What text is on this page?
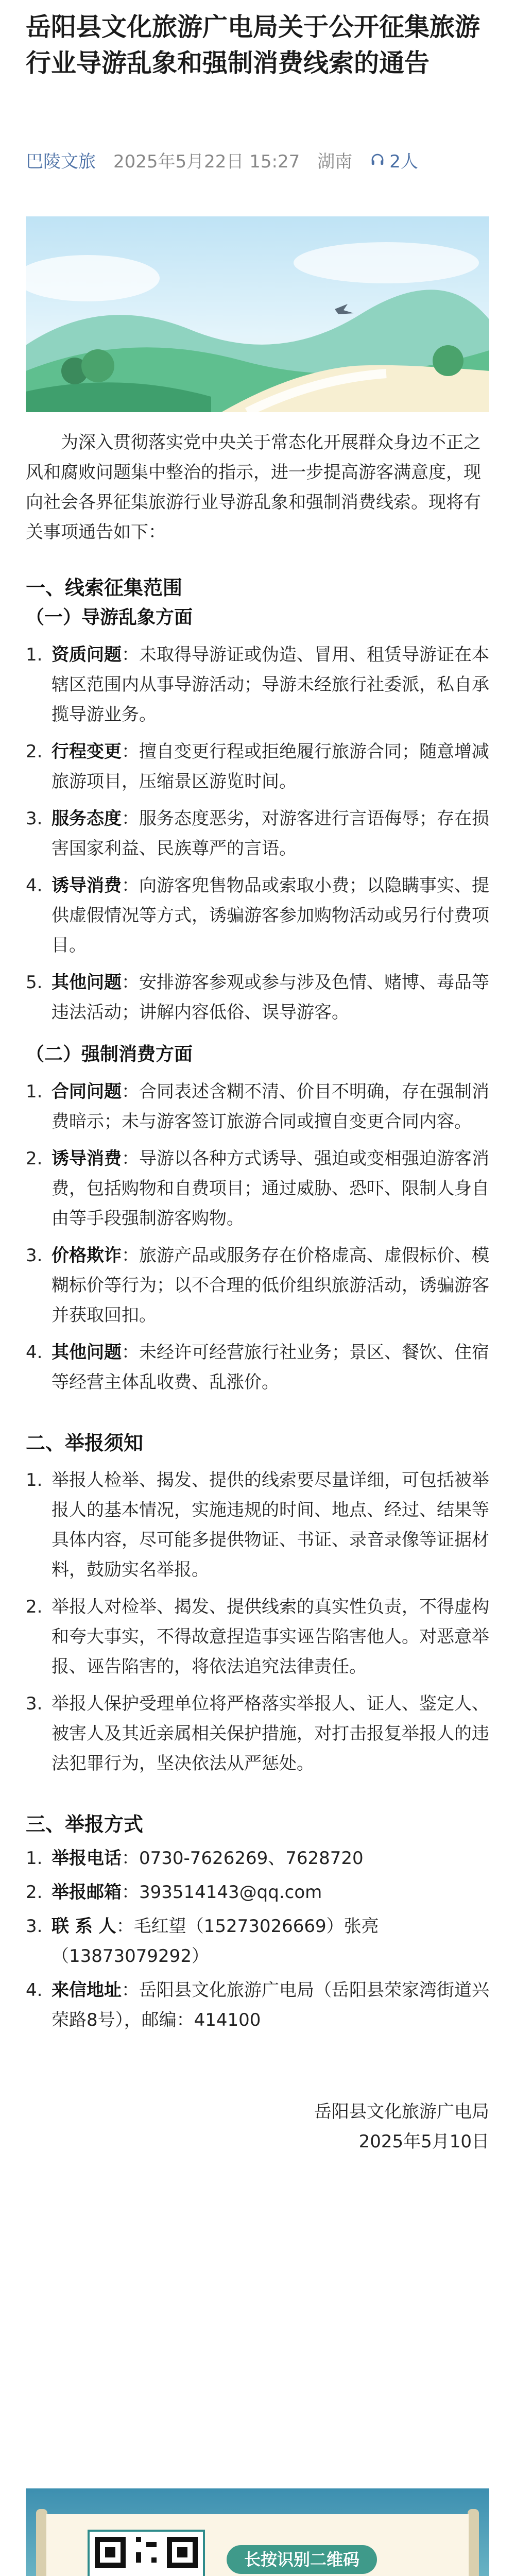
岳阳县文化旅游广电局关于公开征集旅游行业导游乱象和强制消费线索的通告
巴陵文旅 2025年5月22日 15:27 湖南 2人

为深入贯彻落实党中央关于常态化开展群众身边不正之风和腐败问题集中整治的指示，进一步提高游客满意度，现向社会各界征集旅游行业导游乱象和强制消费线索。现将有关事项通告如下：

一、线索征集范围

（一）导游乱象方面

1. 资质问题：未取得导游证或伪造、冒用、租赁导游证在本辖区范围内从事导游活动；导游未经旅行社委派，私自承揽导游业务。
2. 行程变更：擅自变更行程或拒绝履行旅游合同；随意增减旅游项目，压缩景区游览时间。
3. 服务态度：服务态度恶劣，对游客进行言语侮辱；存在损害国家利益、民族尊严的言语。
4. 诱导消费：向游客兜售物品或索取小费；以隐瞒事实、提供虚假情况等方式，诱骗游客参加购物活动或另行付费项目。
5. 其他问题：安排游客参观或参与涉及色情、赌博、毒品等违法活动；讲解内容低俗、误导游客。

（二）强制消费方面

1. 合同问题：合同表述含糊不清、价目不明确，存在强制消费暗示；未与游客签订旅游合同或擅自变更合同内容。
2. 诱导消费：导游以各种方式诱导、强迫或变相强迫游客消费，包括购物和自费项目；通过威胁、恐吓、限制人身自由等手段强制游客购物。
3. 价格欺诈：旅游产品或服务存在价格虚高、虚假标价、模糊标价等行为；以不合理的低价组织旅游活动，诱骗游客并获取回扣。
4. 其他问题：未经许可经营旅行社业务；景区、餐饮、住宿等经营主体乱收费、乱涨价。

二、举报须知

1. 举报人检举、揭发、提供的线索要尽量详细，可包括被举报人的基本情况，实施违规的时间、地点、经过、结果等具体内容，尽可能多提供物证、书证、录音录像等证据材料，鼓励实名举报。
2. 举报人对检举、揭发、提供线索的真实性负责，不得虚构和夸大事实，不得故意捏造事实诬告陷害他人。对恶意举报、诬告陷害的，将依法追究法律责任。
3. 举报人保护受理单位将严格落实举报人、证人、鉴定人、被害人及其近亲属相关保护措施，对打击报复举报人的违法犯罪行为，坚决依法从严惩处。

三、举报方式

1. 举报电话：0730-7626269、7628720
2. 举报邮箱：393514143@qq.com
3. 联 系 人：毛红望（15273026669）张亮（13873079292）
4. 来信地址：岳阳县文化旅游广电局（岳阳县荣家湾街道兴荣路8号），邮编：414100

岳阳县文化旅游广电局

2025年5月10日

长按识别二维码
